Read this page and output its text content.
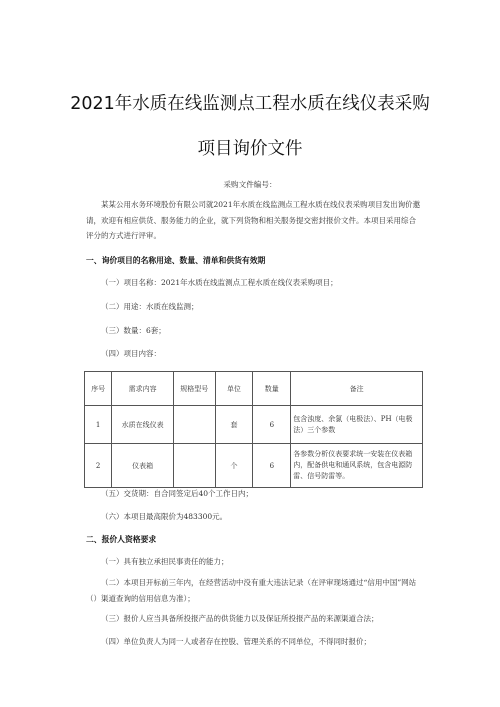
2021年水质在线监测点工程水质在线仪表采购
项目询价文件
采购文件编号：
某某公用水务环境股份有限公司就2021年水质在线监测点工程水质在线仪表采购项目发出询价邀请，欢迎有相应供货、服务能力的企业，就下列货物和相关服务提交密封报价文件。本项目采用综合评分的方式进行评审。
一、询价项目的名称用途、数量、清单和供货有效期
（一）项目名称：2021年水质在线监测点工程水质在线仪表采购项目；
（二）用途：水质在线监测；
（三）数量：6套；
（四）项目内容：
序号	需求内容	规格型号	单位	数量	备注
1	水质在线仪表		套	6	包含浊度、余氯（电极法）、PH（电极法）三个参数
2	仪表箱		个	6	各参数分析仪表要求统一安装在仪表箱内，配备供电和通风系统，包含电源防雷、信号防雷等。
（五）交货期：自合同签定后40个工作日内；
（六）本项目最高限价为483300元。
二、报价人资格要求
（一）具有独立承担民事责任的能力；
（二）本项目开标前三年内，在经营活动中没有重大违法记录（在评审现场通过“信用中国”网站（）渠道查询的信用信息为准）；
（三）报价人应当具备所投报产品的供货能力以及保证所投报产品的来源渠道合法；
（四）单位负责人为同一人或者存在控股、管理关系的不同单位，不得同时报价；
